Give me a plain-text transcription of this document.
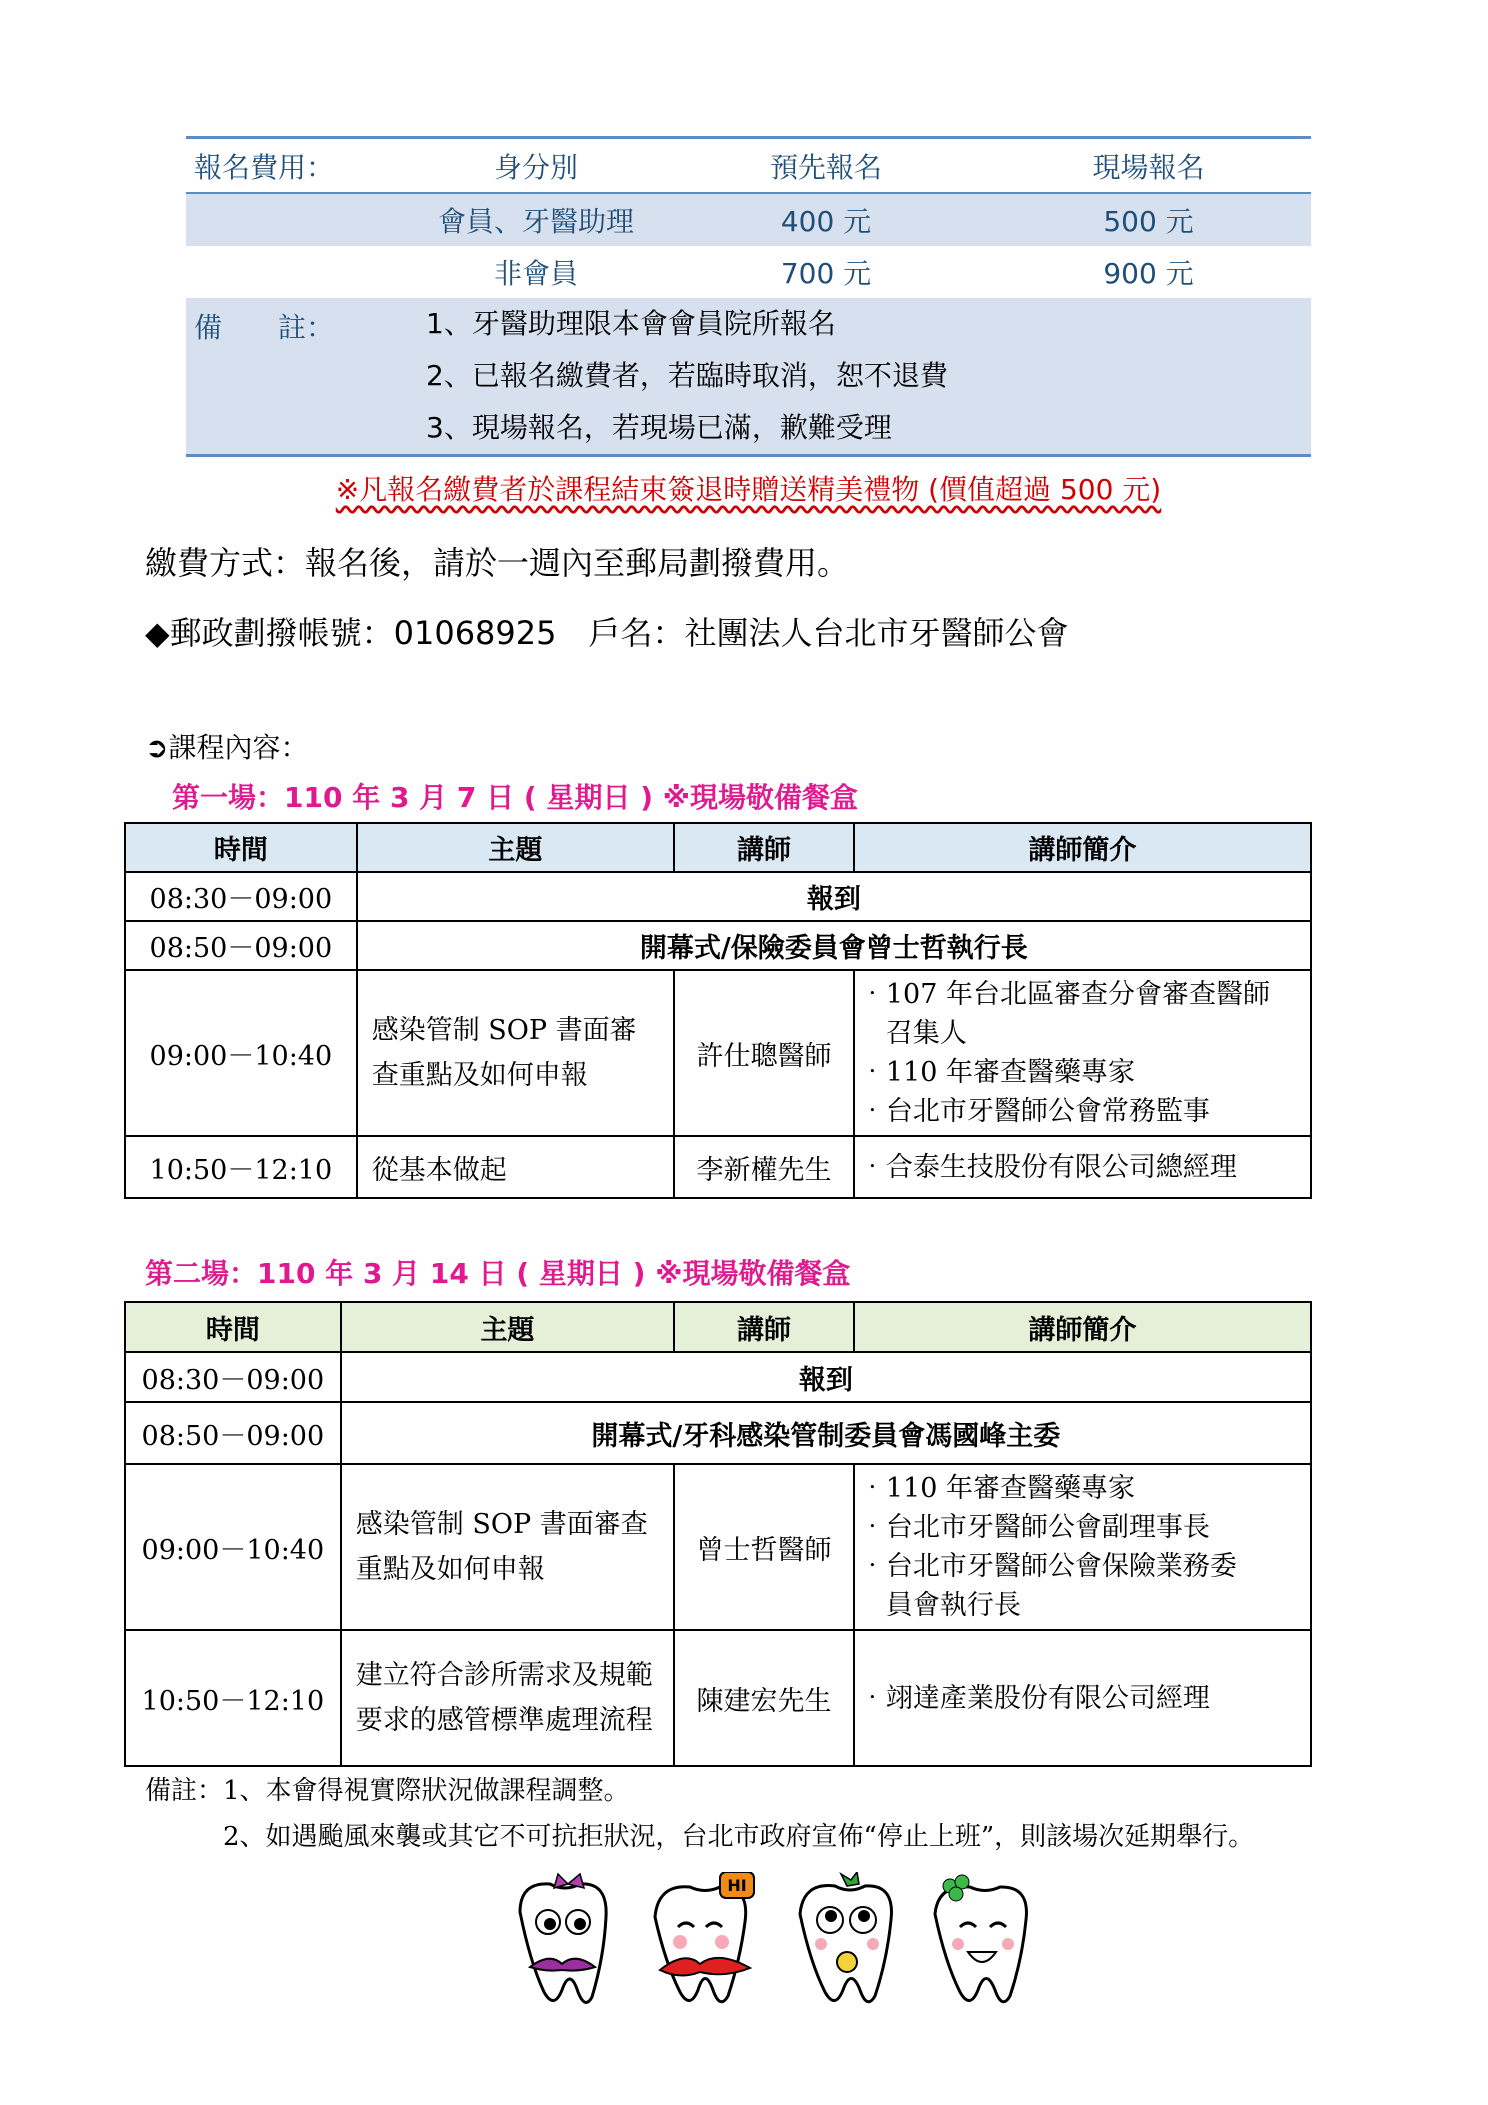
報名費用：	身分別	預先報名	現場報名
	會員、牙醫助理	400 元	500 元
	非會員	700 元	900 元
備　　註：	1、牙醫助理限本會會員院所報名
2、已報名繳費者，若臨時取消，恕不退費
3、現場報名，若現場已滿，歉難受理		
※凡報名繳費者於課程結束簽退時贈送精美禮物 (價值超過 500 元)
繳費方式：報名後，請於一週內至郵局劃撥費用。
◆郵政劃撥帳號：01068925　戶名：社團法人台北市牙醫師公會
➲課程內容：
第一場：110 年 3 月 7 日 ( 星期日 ) ※現場敬備餐盒
時間	主題	講師	講師簡介
08:30－09:00	報到		
08:50－09:00	開幕式/保險委員會曾士哲執行長		
09:00－10:40	感染管制 SOP 書面審查重點及如何申報	許仕聰醫師	‧107 年台北區審查分會審查醫師
　召集人
‧110 年審查醫藥專家
‧台北市牙醫師公會常務監事

10:50－12:10	從基本做起	李新權先生	‧合泰生技股份有限公司總經理
第二場：110 年 3 月 14 日 ( 星期日 ) ※現場敬備餐盒
時間	主題	講師	講師簡介
08:30－09:00	報到		
08:50－09:00	開幕式/牙科感染管制委員會馮國峰主委		
09:00－10:40	感染管制 SOP 書面審查重點及如何申報	曾士哲醫師	‧110 年審查醫藥專家
‧台北市牙醫師公會副理事長
‧台北市牙醫師公會保險業務委
　員會執行長

10:50－12:10	建立符合診所需求及規範要求的感管標準處理流程	陳建宏先生	‧翊達產業股份有限公司經理
備註：1、本會得視實際狀況做課程調整。
　　　2、如遇颱風來襲或其它不可抗拒狀況，台北市政府宣佈“停止上班”，則該場次延期舉行。
HI
